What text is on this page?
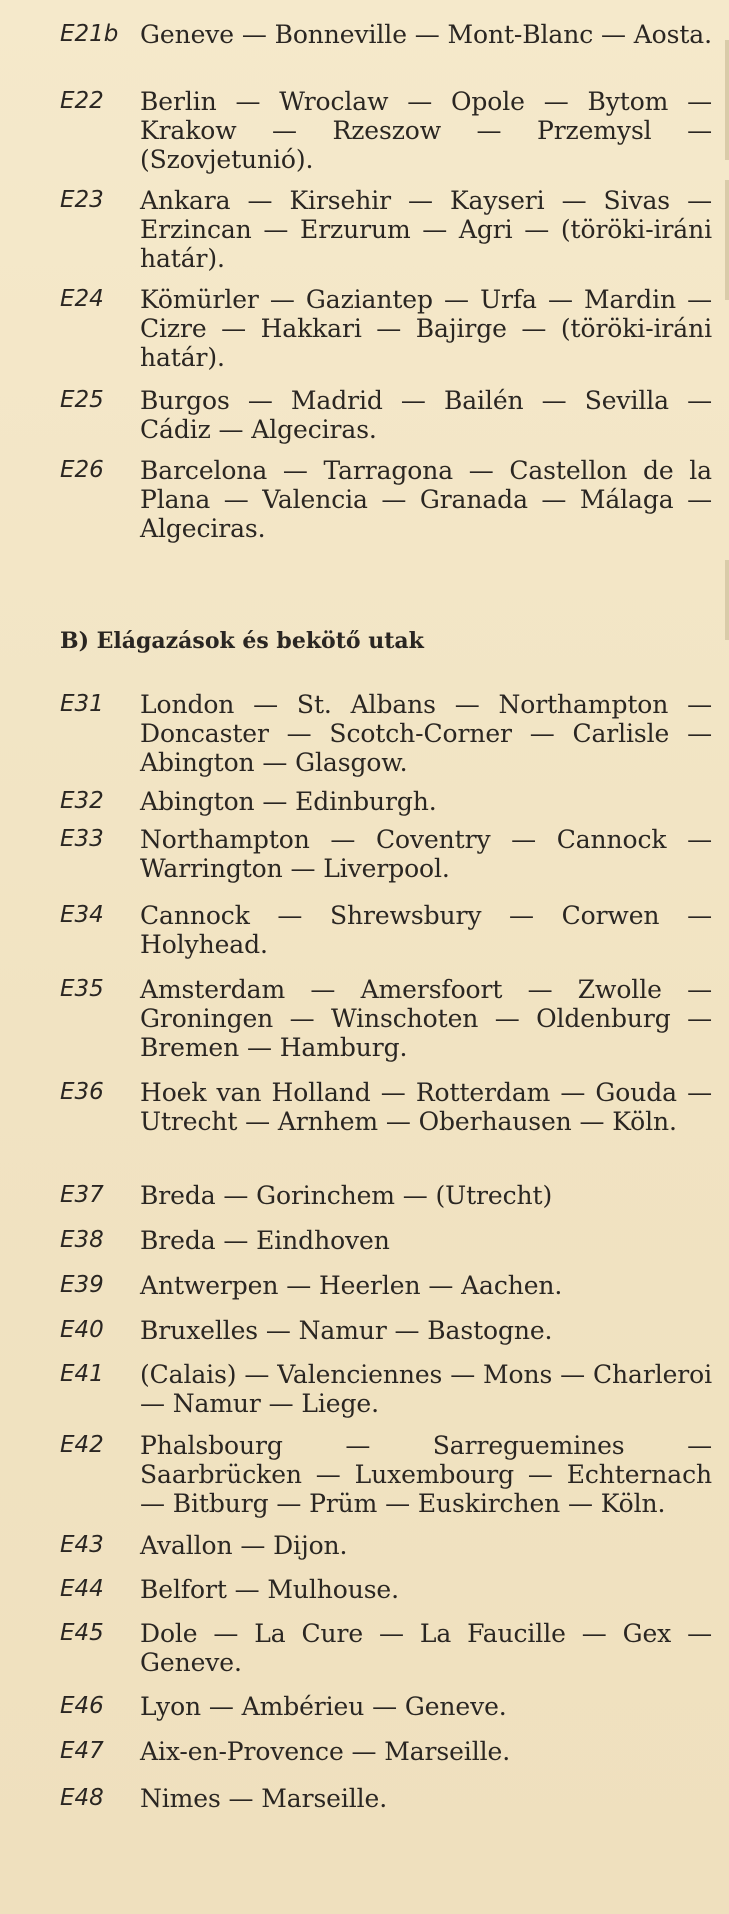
E21b Geneve — Bonneville — Mont-Blanc — Aosta.
E22	Berlin — Wroclaw — Opole — Bytom — Krakow — Rzeszow — Przemysl — (Szovjetunió).
E23	Ankara — Kirsehir — Kayseri — Sivas — Erzincan — Erzurum — Agri — (töröki-iráni határ).
E24	Kömürler — Gaziantep — Urfa — Mardin — Cizre — Hakkari — Bajirge — (töröki-iráni határ).
E25	Burgos — Madrid — Bailén — Sevilla — Cádiz — Algeciras.
E26	Barcelona — Tarragona — Castellon de la Plana — Valencia — Granada — Málaga — Algeciras.
B) Elágazások és bekötő utak
E31	London — St. Albans — Northampton — Doncaster — Scotch-Corner — Carlisle — Abington — Glasgow.
E32	Abington — Edinburgh.
E33	Northampton — Coventry — Cannock — Warrington — Liverpool.
E34	Cannock — Shrewsbury — Corwen — Holyhead.
E35	Amsterdam — Amersfoort — Zwolle — Groningen — Winschoten — Oldenburg — Bremen — Hamburg.
E36	Hoek van Holland — Rotterdam — Gouda — Utrecht — Arnhem — Oberhausen — Köln.
E37	Breda — Gorinchem — (Utrecht)
E38	Breda — Eindhoven
E39	Antwerpen — Heerlen — Aachen.
E40	Bruxelles — Namur — Bastogne.
E41	(Calais) — Valenciennes — Mons — Charleroi — Namur — Liege.
E42	Phalsbourg — Sarreguemines — Saarbrücken — Luxembourg — Echternach — Bitburg — Prüm — Euskirchen — Köln.
E43	Avallon — Dijon.
E44	Belfort — Mulhouse.
E45	Dole — La Cure — La Faucille — Gex — Geneve.
E46	Lyon — Ambérieu — Geneve.
E47	Aix-en-Provence — Marseille.
E48	Nimes — Marseille.
